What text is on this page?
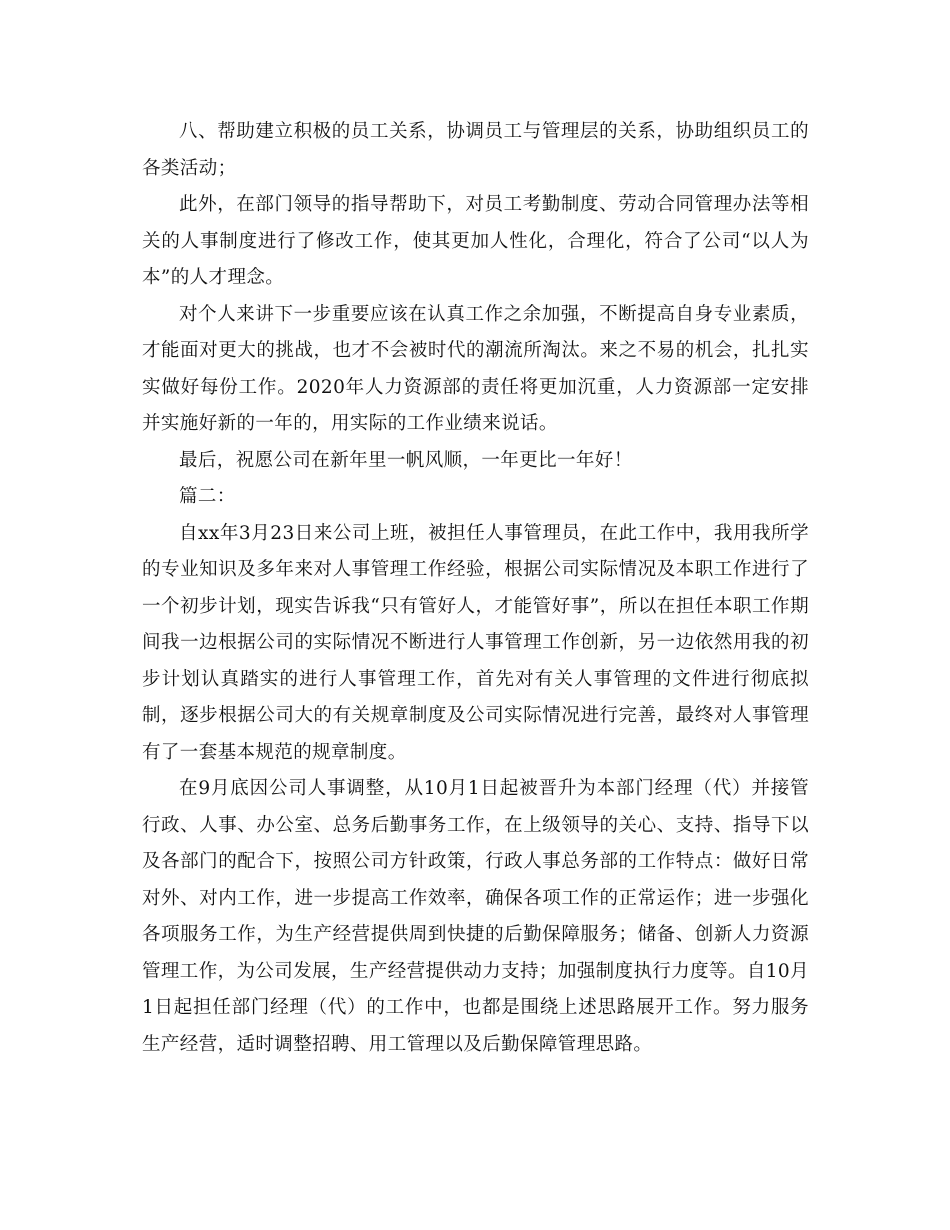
八、帮助建立积极的员工关系，协调员工与管理层的关系，协助组织员工的各类活动；

此外，在部门领导的指导帮助下，对员工考勤制度、劳动合同管理办法等相关的人事制度进行了修改工作，使其更加人性化，合理化，符合了公司“以人为本”的人才理念。

对个人来讲下一步重要应该在认真工作之余加强，不断提高自身专业素质，才能面对更大的挑战，也才不会被时代的潮流所淘汰。来之不易的机会，扎扎实实做好每份工作。2020年人力资源部的责任将更加沉重，人力资源部一定安排并实施好新的一年的，用实际的工作业绩来说话。

最后，祝愿公司在新年里一帆风顺，一年更比一年好！

篇二：

自xx年3月23日来公司上班，被担任人事管理员，在此工作中，我用我所学的专业知识及多年来对人事管理工作经验，根据公司实际情况及本职工作进行了一个初步计划，现实告诉我“只有管好人，才能管好事”，所以在担任本职工作期间我一边根据公司的实际情况不断进行人事管理工作创新，另一边依然用我的初步计划认真踏实的进行人事管理工作，首先对有关人事管理的文件进行彻底拟制，逐步根据公司大的有关规章制度及公司实际情况进行完善，最终对人事管理有了一套基本规范的规章制度。

在9月底因公司人事调整，从10月1日起被晋升为本部门经理（代）并接管行政、人事、办公室、总务后勤事务工作，在上级领导的关心、支持、指导下以及各部门的配合下，按照公司方针政策，行政人事总务部的工作特点：做好日常对外、对内工作，进一步提高工作效率，确保各项工作的正常运作；进一步强化各项服务工作，为生产经营提供周到快捷的后勤保障服务；储备、创新人力资源管理工作，为公司发展，生产经营提供动力支持；加强制度执行力度等。自10月1日起担任部门经理（代）的工作中，也都是围绕上述思路展开工作。努力服务生产经营，适时调整招聘、用工管理以及后勤保障管理思路。
